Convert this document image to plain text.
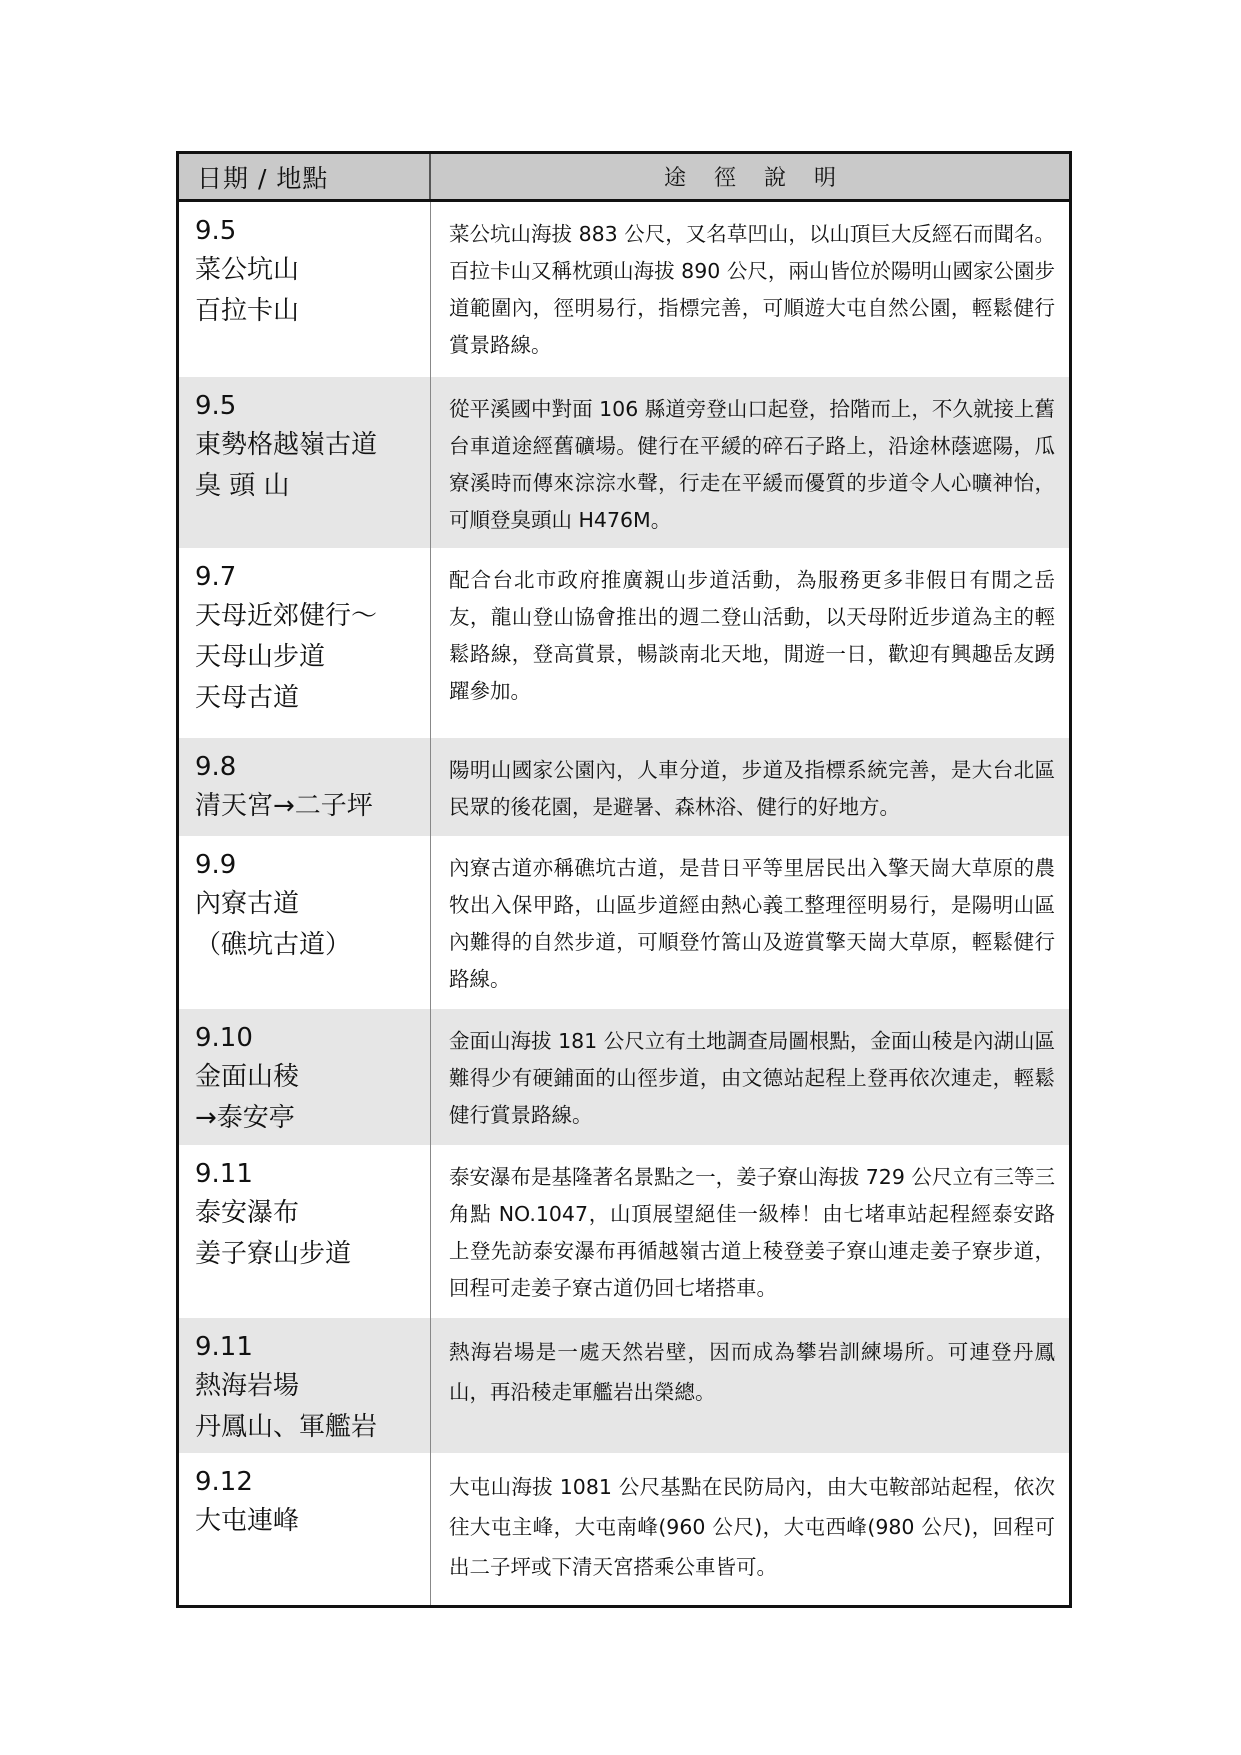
日期 / 地點	途徑說明
9.5
菜公坑山
百拉卡山
菜公坑山海拔 883 公尺，又名草凹山，以山頂巨大反經石而聞名。百拉卡山又稱枕頭山海拔 890 公尺，兩山皆位於陽明山國家公園步道範圍內，徑明易行，指標完善，可順遊大屯自然公園，輕鬆健行賞景路線。
9.5
東勢格越嶺古道
臭 頭 山
從平溪國中對面 106 縣道旁登山口起登，拾階而上，不久就接上舊台車道途經舊礦場。健行在平緩的碎石子路上，沿途林蔭遮陽，瓜寮溪時而傳來淙淙水聲，行走在平緩而優質的步道令人心曠神怡，可順登臭頭山 H476M。
9.7
天母近郊健行～
天母山步道
天母古道
配合台北市政府推廣親山步道活動，為服務更多非假日有閒之岳友，龍山登山協會推出的週二登山活動，以天母附近步道為主的輕鬆路線，登高賞景，暢談南北天地，閒遊一日，歡迎有興趣岳友踴躍參加。
9.8
清天宮→二子坪
陽明山國家公園內，人車分道，步道及指標系統完善，是大台北區民眾的後花園，是避暑、森林浴、健行的好地方。
9.9
內寮古道
（礁坑古道）
內寮古道亦稱礁坑古道，是昔日平等里居民出入擎天崗大草原的農牧出入保甲路，山區步道經由熱心義工整理徑明易行，是陽明山區內難得的自然步道，可順登竹篙山及遊賞擎天崗大草原，輕鬆健行路線。
9.10
金面山稜
→泰安亭
金面山海拔 181 公尺立有土地調查局圖根點，金面山稜是內湖山區難得少有硬鋪面的山徑步道，由文德站起程上登再依次連走，輕鬆健行賞景路線。
9.11
泰安瀑布
姜子寮山步道
泰安瀑布是基隆著名景點之一，姜子寮山海拔 729 公尺立有三等三角點 NO.1047，山頂展望絕佳一級棒！由七堵車站起程經泰安路上登先訪泰安瀑布再循越嶺古道上稜登姜子寮山連走姜子寮步道，回程可走姜子寮古道仍回七堵搭車。
9.11
熱海岩場
丹鳳山、軍艦岩
熱海岩場是一處天然岩壁，因而成為攀岩訓練場所。可連登丹鳳山，再沿稜走軍艦岩出榮總。
9.12
大屯連峰
大屯山海拔 1081 公尺基點在民防局內，由大屯鞍部站起程，依次往大屯主峰，大屯南峰(960 公尺)，大屯西峰(980 公尺)，回程可出二子坪或下清天宮搭乘公車皆可。
